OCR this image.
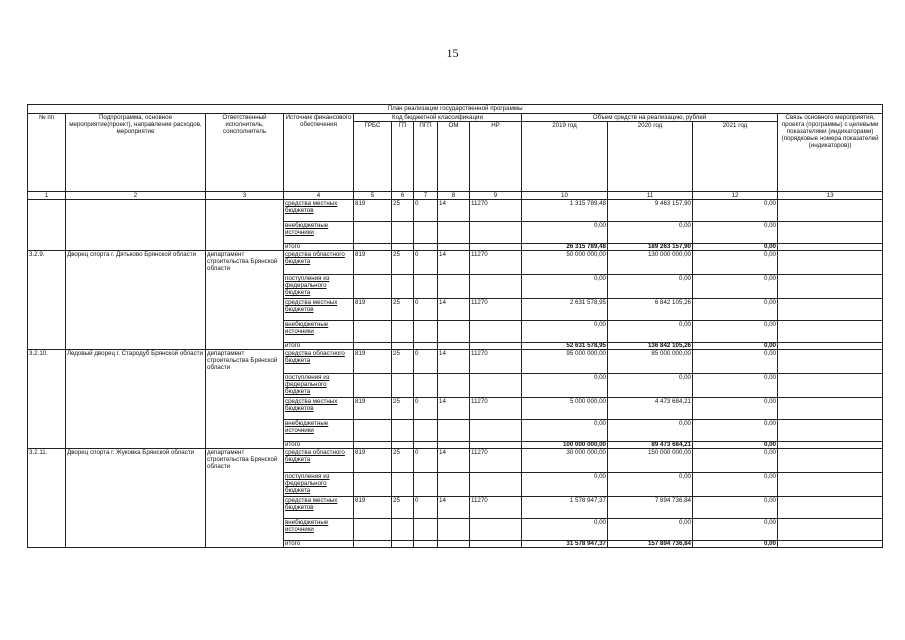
15
План реализации государственной программы												
№ пп	Подпрограмма, основное мероприятие(проект), направление расходов, мероприятие	Ответственный исполнитель, соисполнитель	Источник финансового обеспечения	Код бюджетной классификации					Объем средств на реализацию, рублей			Связь основного мероприятия, проекта (программы) с целевыми показателями (индикаторами) (порядковые номера показателей (индикаторов))
				ГРБС	ГП	ПГП	ОМ	НР	2019 год	2020 год	2021 год	
1	2	3	4	5	6	7	8	9	10	11	12	13
			средства местных бюджетов	819	25	0	14	11270	1 315 789,48	9 463 157,90	0,00	
			внебюджетные источники						0,00	0,00	0,00	
			итого						26 315 789,48	189 263 157,90	0,00	
3.2.9.	Дворец спорта г. Дятьково Брянской области	департамент строительства Брянской области	средства областного бюджета	819	25	0	14	11270	50 000 000,00	130 000 000,00	0,00	
			поступления из федерального бюджета						0,00	0,00	0,00	
			средства местных бюджетов	819	25	0	14	11270	2 631 578,95	6 842 105,26	0,00	
			внебюджетные источники						0,00	0,00	0,00	
			итого						52 631 578,95	136 842 105,26	0,00	
3.2.10.	Ледовый дворец г. Стародуб Брянской области	департамент строительства Брянской области	средства областного бюджета	819	25	0	14	11270	95 000 000,00	85 000 000,00	0,00	
			поступления из федерального бюджета						0,00	0,00	0,00	
			средства местных бюджетов	819	25	0	14	11270	5 000 000,00	4 473 684,21	0,00	
			внебюджетные источники						0,00	0,00	0,00	
			итого						100 000 000,00	89 473 684,21	0,00	
3.2.11.	Дворец спорта г. Жуковка Брянской области	департамент строительства Брянской области	средства областного бюджета	819	25	0	14	11270	30 000 000,00	150 000 000,00	0,00	
			поступления из федерального бюджета						0,00	0,00	0,00	
			средства местных бюджетов	819	25	0	14	11270	1 578 947,37	7 894 736,84	0,00	
			внебюджетные источники						0,00	0,00	0,00	
			итого						31 578 947,37	157 894 736,84	0,00	
